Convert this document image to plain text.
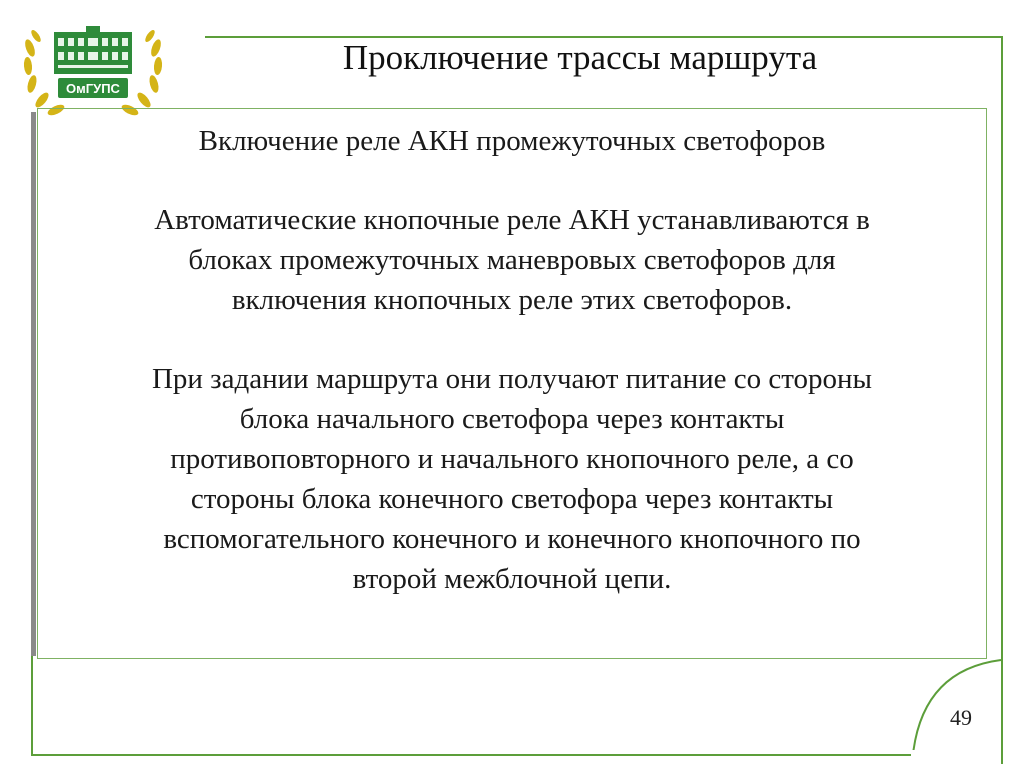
ОмГУПС
Проключение трассы маршрута

Включение реле АКН промежуточных светофоров

Автоматические кнопочные реле АКН устанавливаются в

блоках промежуточных маневровых светофоров для

включения кнопочных реле этих светофоров.

При задании маршрута они получают питание со стороны

блока начального светофора через контакты

противоповторного и начального кнопочного реле, а со

стороны блока конечного светофора через контакты

вспомогательного конечного и конечного кнопочного по

второй межблочной цепи.

49
